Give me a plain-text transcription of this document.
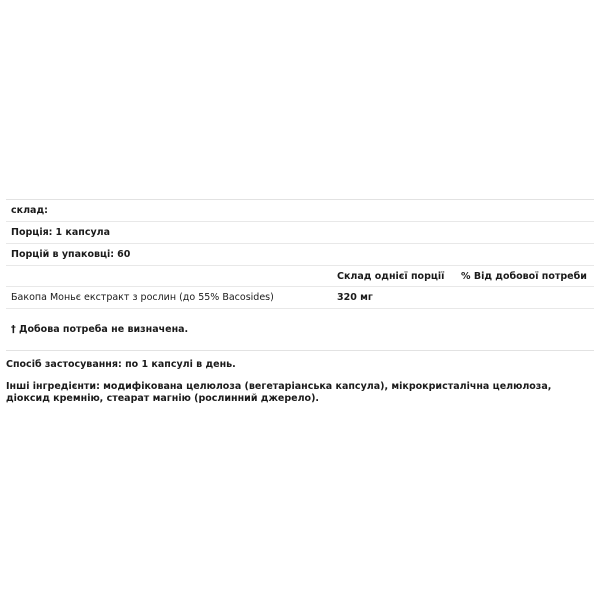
склад:
Порція: 1 капсула
Порцій в упаковці: 60
Склад однієї порції	% Від добової потреби
Бакопа Моньє екстракт з рослин (до 55% Bacosides)	320 мг
† Добова потреба не визначена.
Спосіб застосування: по 1 капсулі в день.
Інші інгредієнти: модифікована целюлоза (вегетаріанська капсула), мікрокристалічна целюлоза, діоксид кремнію, стеарат магнію (рослинний джерело).
